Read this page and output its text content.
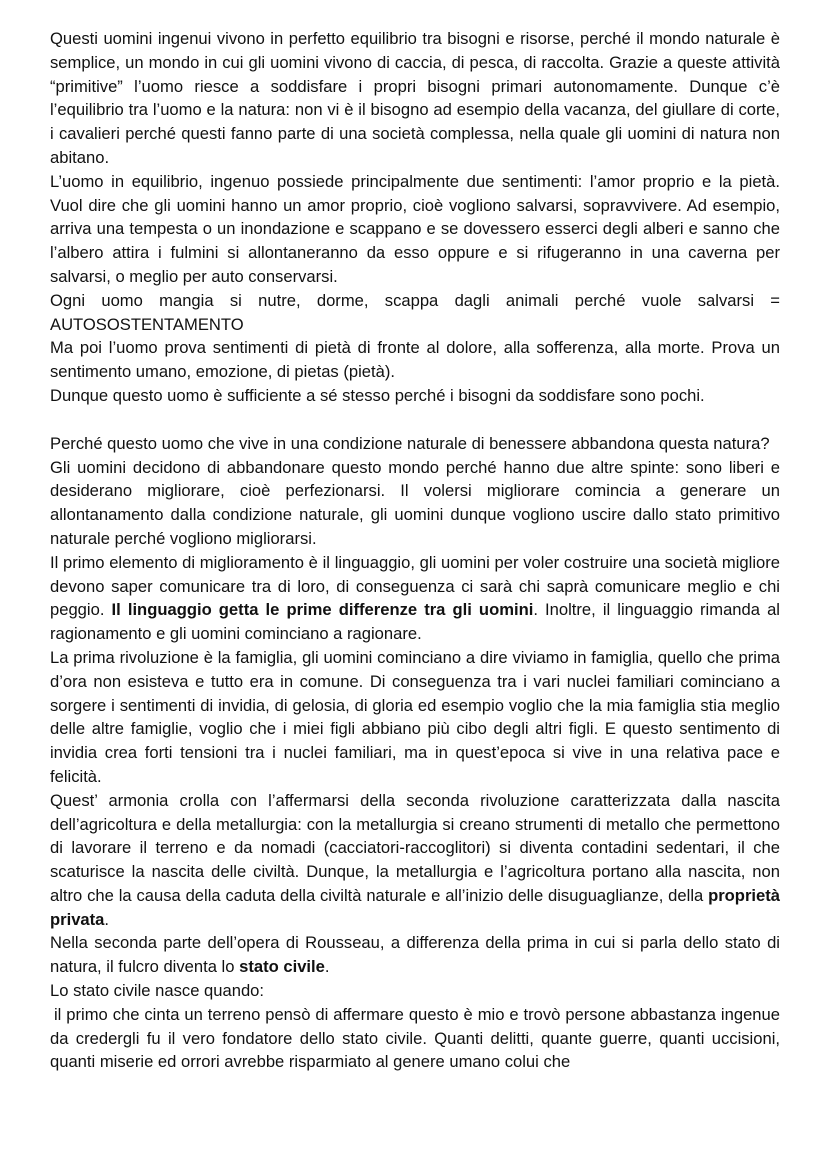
Questi uomini ingenui vivono in perfetto equilibrio tra bisogni e risorse, perché il mondo naturale è semplice, un mondo in cui gli uomini vivono di caccia, di pesca, di raccolta. Grazie a queste attività “primitive” l’uomo riesce a soddisfare i propri bisogni primari autonomamente. Dunque c’è l’equilibrio tra l’uomo e la natura: non vi è il bisogno ad esempio della vacanza, del giullare di corte, i cavalieri perché questi fanno parte di una società complessa, nella quale gli uomini di natura non abitano.

L’uomo in equilibrio, ingenuo possiede principalmente due sentimenti: l’amor proprio e la pietà. Vuol dire che gli uomini hanno un amor proprio, cioè vogliono salvarsi, sopravvivere. Ad esempio, arriva una tempesta o un inondazione e scappano e se dovessero esserci degli alberi e sanno che l’albero attira i fulmini si allontaneranno da esso oppure e si rifugeranno in una caverna per salvarsi, o meglio per auto conservarsi.

Ogni uomo mangia si nutre, dorme, scappa dagli animali perché vuole salvarsi = AUTOSOSTENTAMENTO

Ma poi l’uomo prova sentimenti di pietà di fronte al dolore, alla sofferenza, alla morte. Prova un sentimento umano, emozione, di pietas (pietà).

Dunque questo uomo è sufficiente a sé stesso perché i bisogni da soddisfare sono pochi.

Perché questo uomo che vive in una condizione naturale di benessere abbandona questa natura?

Gli uomini decidono di abbandonare questo mondo perché hanno due altre spinte: sono liberi e desiderano migliorare, cioè perfezionarsi. Il volersi migliorare comincia a generare un allontanamento dalla condizione naturale, gli uomini dunque vogliono uscire dallo stato primitivo naturale perché vogliono migliorarsi.

Il primo elemento di miglioramento è il linguaggio, gli uomini per voler costruire una società migliore devono saper comunicare tra di loro, di conseguenza ci sarà chi saprà comunicare meglio e chi peggio. Il linguaggio getta le prime differenze tra gli uomini. Inoltre, il linguaggio rimanda al ragionamento e gli uomini cominciano a ragionare.

La prima rivoluzione è la famiglia, gli uomini cominciano a dire viviamo in famiglia, quello che prima d’ora non esisteva e tutto era in comune. Di conseguenza tra i vari nuclei familiari cominciano a sorgere i sentimenti di invidia, di gelosia, di gloria ed esempio voglio che la mia famiglia stia meglio delle altre famiglie, voglio che i miei figli abbiano più cibo degli altri figli. E questo sentimento di invidia crea forti tensioni tra i nuclei familiari, ma in quest’epoca si vive in una relativa pace e felicità.

Quest’ armonia crolla con l’affermarsi della seconda rivoluzione caratterizzata dalla nascita dell’agricoltura e della metallurgia: con la metallurgia si creano strumenti di metallo che permettono di lavorare il terreno e da nomadi (cacciatori-raccoglitori) si diventa contadini sedentari, il che scaturisce la nascita delle civiltà. Dunque, la metallurgia e l’agricoltura portano alla nascita, non altro che la causa della caduta della civiltà naturale e all’inizio delle disuguaglianze, della proprietà privata.

Nella seconda parte dell’opera di Rousseau, a differenza della prima in cui si parla dello stato di natura, il fulcro diventa lo stato civile.

Lo stato civile nasce quando:

il primo che cinta un terreno pensò di affermare questo è mio e trovò persone abbastanza ingenue da credergli fu il vero fondatore dello stato civile. Quanti delitti, quante guerre, quanti uccisioni, quanti miserie ed orrori avrebbe risparmiato al genere umano colui che
